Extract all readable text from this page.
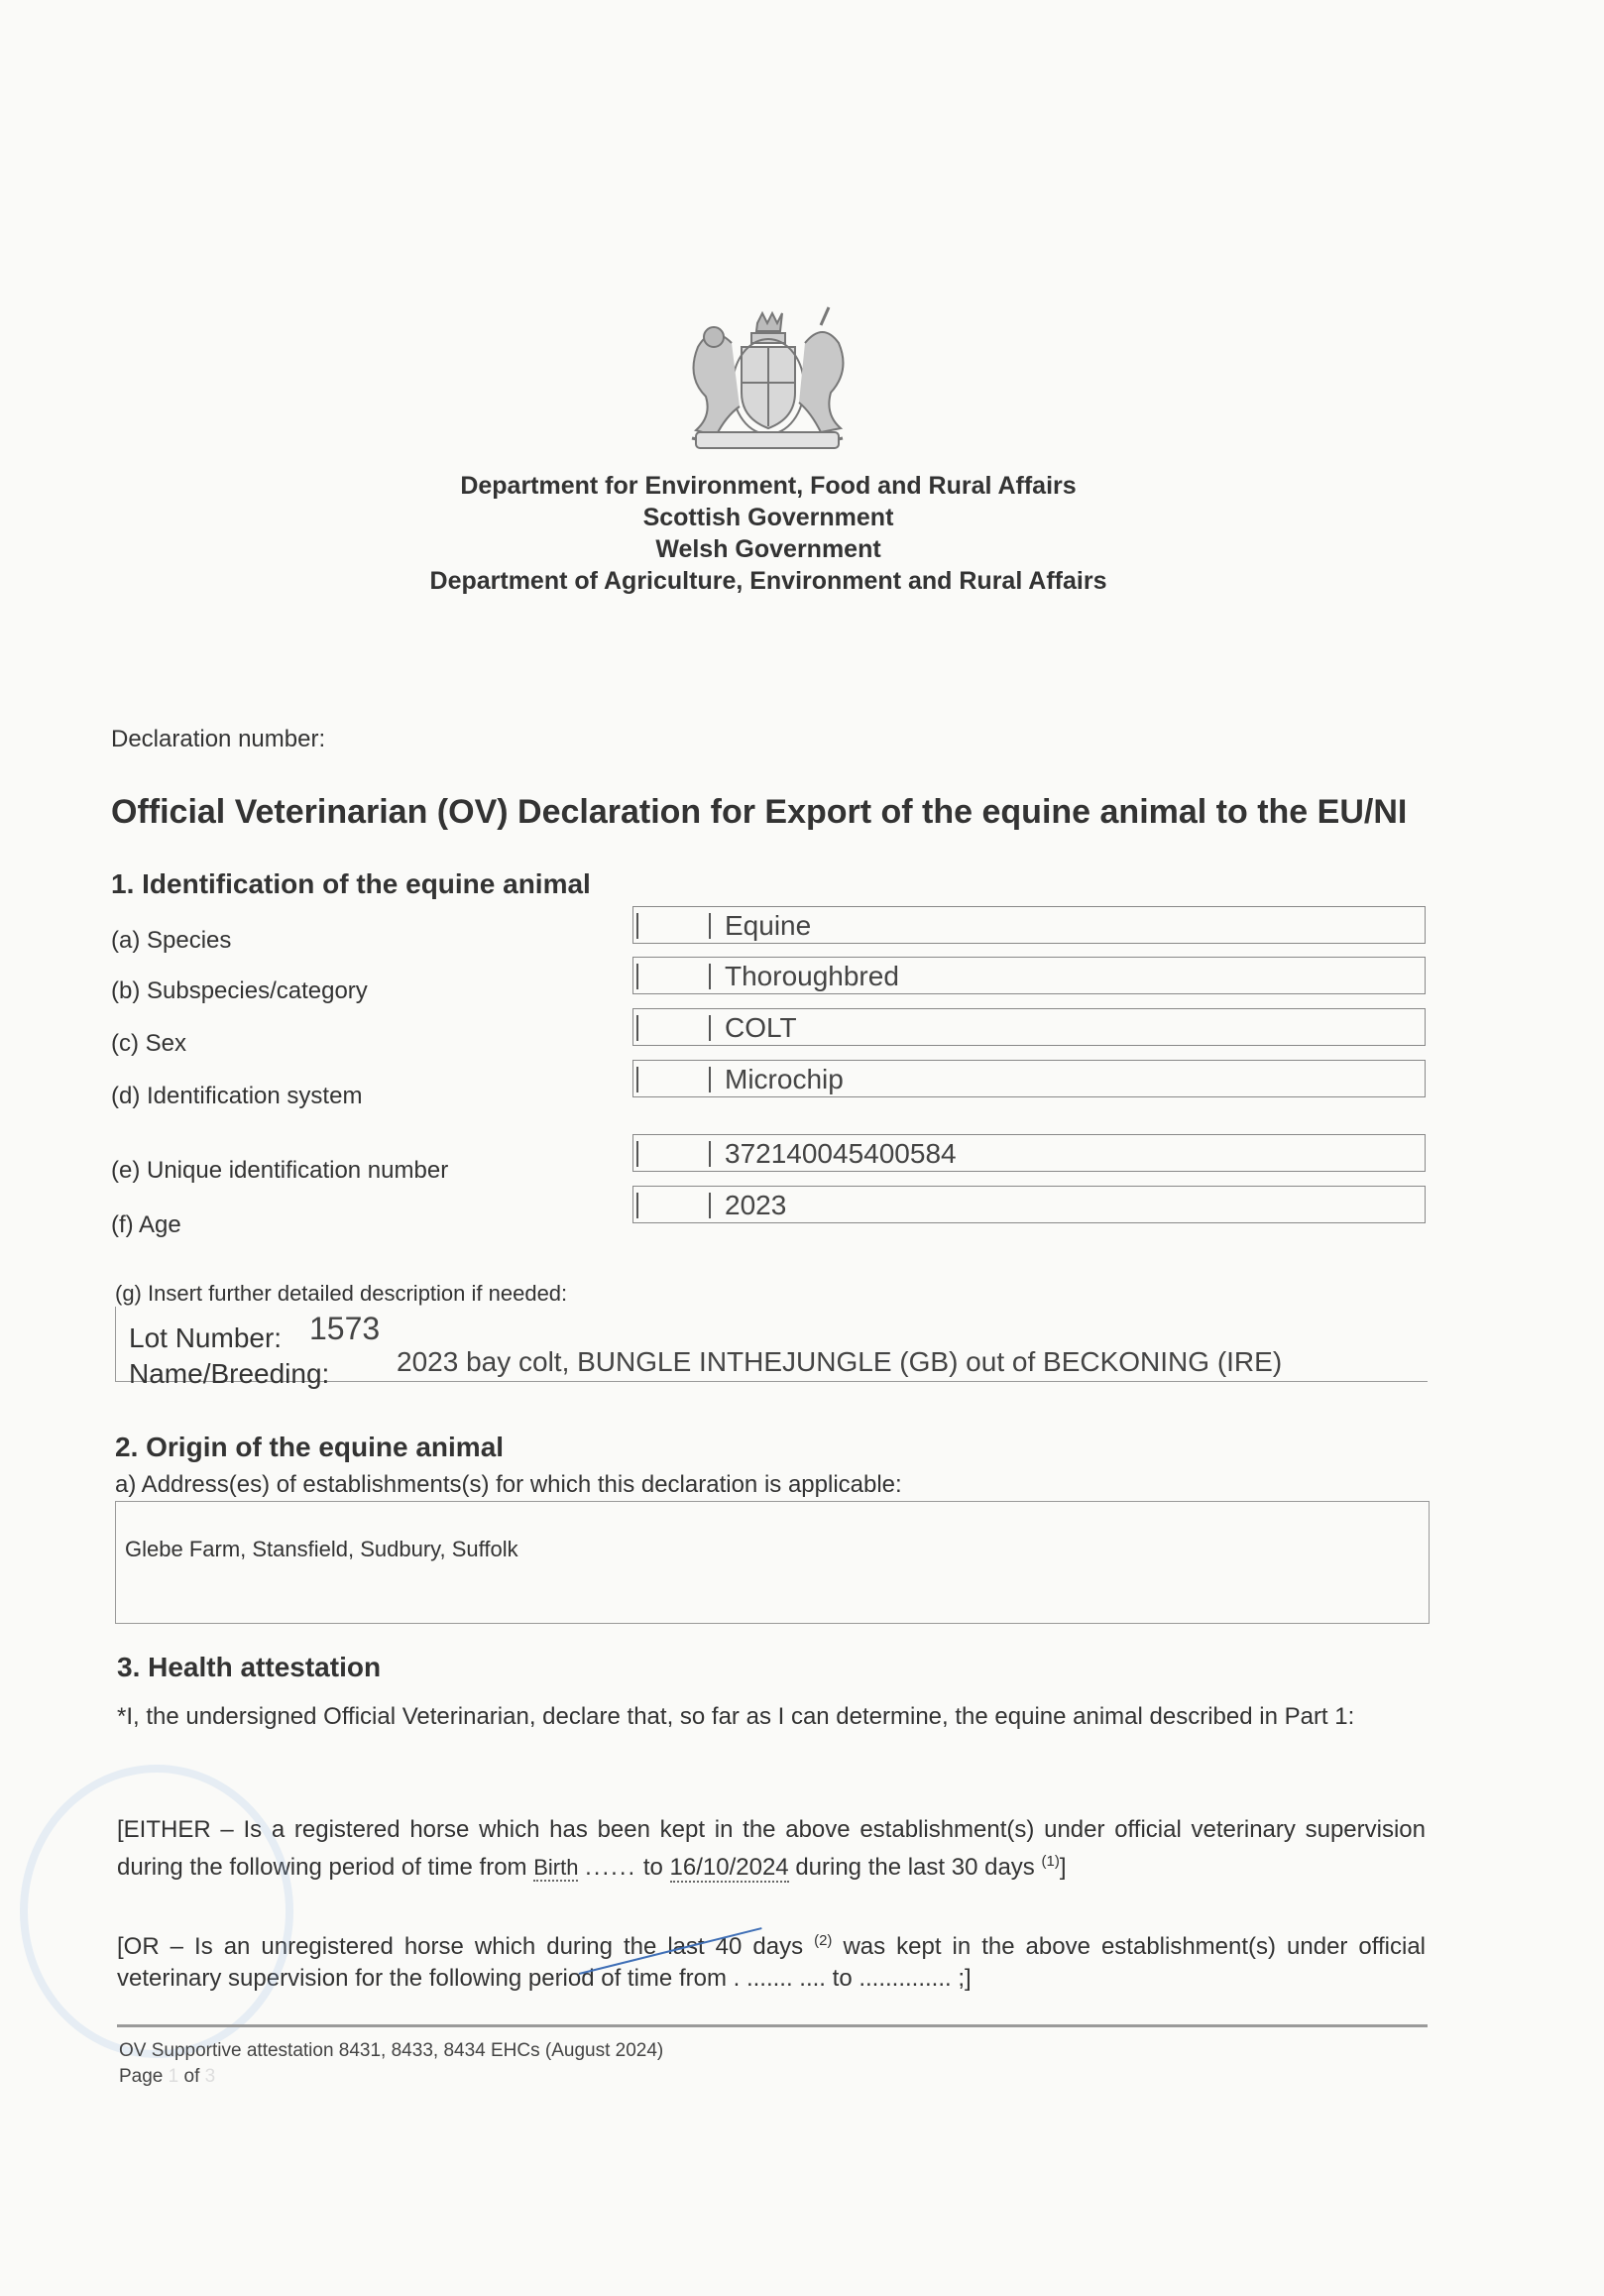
Department for Environment, Food and Rural Affairs
Scottish Government
Welsh Government
Department of Agriculture, Environment and Rural Affairs
Declaration number:
Official Veterinarian (OV) Declaration for Export of the equine animal to the EU/NI
1. Identification of the equine animal
(a) Species	Equine
(b) Subspecies/category	Thoroughbred
(c) Sex
COLT
(d) Identification system
Microchip
(e) Unique identification number
372140045400584
(f) Age
2023
(g) Insert further detailed description if needed:
Lot Number: 1573
Name/Breeding: 2023 bay colt, BUNGLE INTHEJUNGLE (GB) out of BECKONING (IRE)
2. Origin of the equine animal
a) Address(es) of establishments(s) for which this declaration is applicable:
Glebe Farm, Stansfield, Sudbury, Suffolk
3. Health attestation
*I, the undersigned Official Veterinarian, declare that, so far as I can determine, the equine animal described in Part 1:
[EITHER – Is a registered horse which has been kept in the above establishment(s) under official veterinary supervision during the following period of time from Birth ...... to 16/10/2024 during the last 30 days $^{(1)}$]
[OR – Is an unregistered horse which during the last 40 days $^{(2)}$ was kept in the above establishment(s) under official veterinary supervision for the following period of time from . ....... .... to .............. ;]
OV Supportive attestation 8431, 8433, 8434 EHCs (August 2024)
Page 1 of 3
